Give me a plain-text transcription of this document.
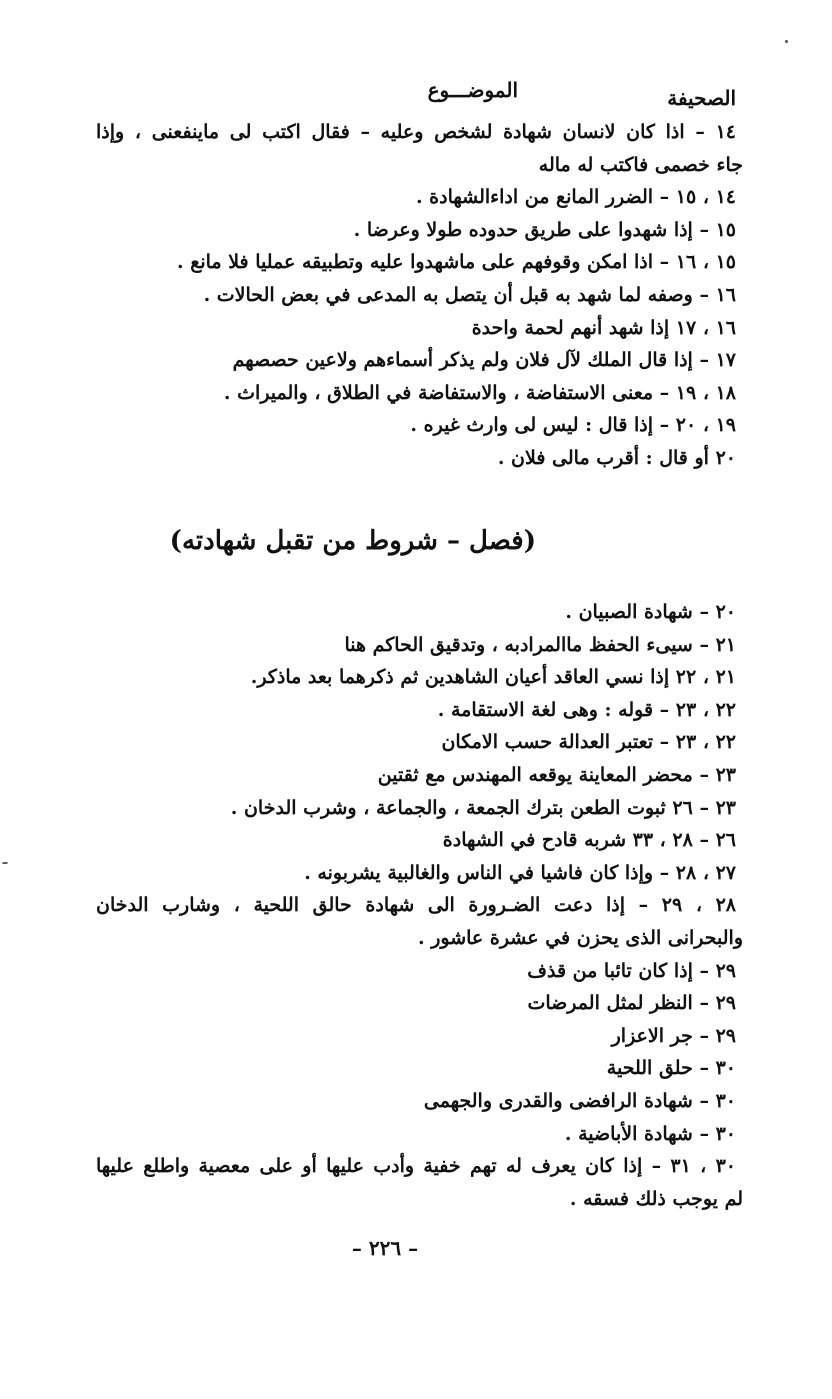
الصحيفة
الموضـــوع
١٤ – اذا كان لانسان شهادة لشخص وعليه – فقال اكتب لى ماينفعنى ، وإذا
جاء خصمى فاكتب له ماله
١٤ ، ١٥ – الضرر المانع من اداءالشهادة .
١٥ – إذا شهدوا على طريق حدوده طولا وعرضا .
١٥ ، ١٦ – اذا امكن وقوفهم على ماشهدوا عليه وتطبيقه عمليا فلا مانع .
١٦ – وصفه لما شهد به قبل أن يتصل به المدعى في بعض الحالات .
١٦ ، ١٧ إذا شهد أنهم لحمة واحدة
١٧ – إذا قال الملك لآل فلان ولم يذكر أسماءهم ولاعين حصصهم
١٨ ، ١٩ – معنى الاستفاضة ، والاستفاضة في الطلاق ، والميراث .
١٩ ، ٢٠ – إذا قال : ليس لى وارث غيره .
٢٠ أو قال : أقرب مالى فلان .
(فصل – شروط من تقبل شهادته)
٢٠ – شهادة الصبيان .
٢١ – سيىء الحفظ ماالمرادبه ، وتدقيق الحاكم هنا
٢١ ، ٢٢ إذا نسي العاقد أعيان الشاهدين ثم ذكرهما بعد ماذكر.
٢٢ ، ٢٣ – قوله : وهى لغة الاستقامة .
٢٢ ، ٢٣ – تعتبر العدالة حسب الامكان
٢٣ – محضر المعاينة يوقعه المهندس مع ثقتين
٢٣ – ٢٦ ثبوت الطعن بترك الجمعة ، والجماعة ، وشرب الدخان .
٢٦ – ٢٨ ، ٣٣ شربه قادح في الشهادة
٢٧ ، ٢٨ – وإذا كان فاشيا في الناس والغالبية يشربونه .
٢٨ ، ٢٩ – إذا دعت الضـرورة الى شهادة حالق اللحية ، وشارب الدخان
والبحرانى الذى يحزن في عشرة عاشور .
٢٩ – إذا كان تائبا من قذف
٢٩ – النظر لمثل المرضات
٢٩ – جر الاعزار
٣٠ – حلق اللحية
٣٠ – شهادة الرافضى والقدرى والجهمى
٣٠ – شهادة الأباضية .
٣٠ ، ٣١ – إذا كان يعرف له تهم خفية وأدب عليها أو على معصية واطلع عليها
لم يوجب ذلك فسقه .
– ٢٢٦ –
